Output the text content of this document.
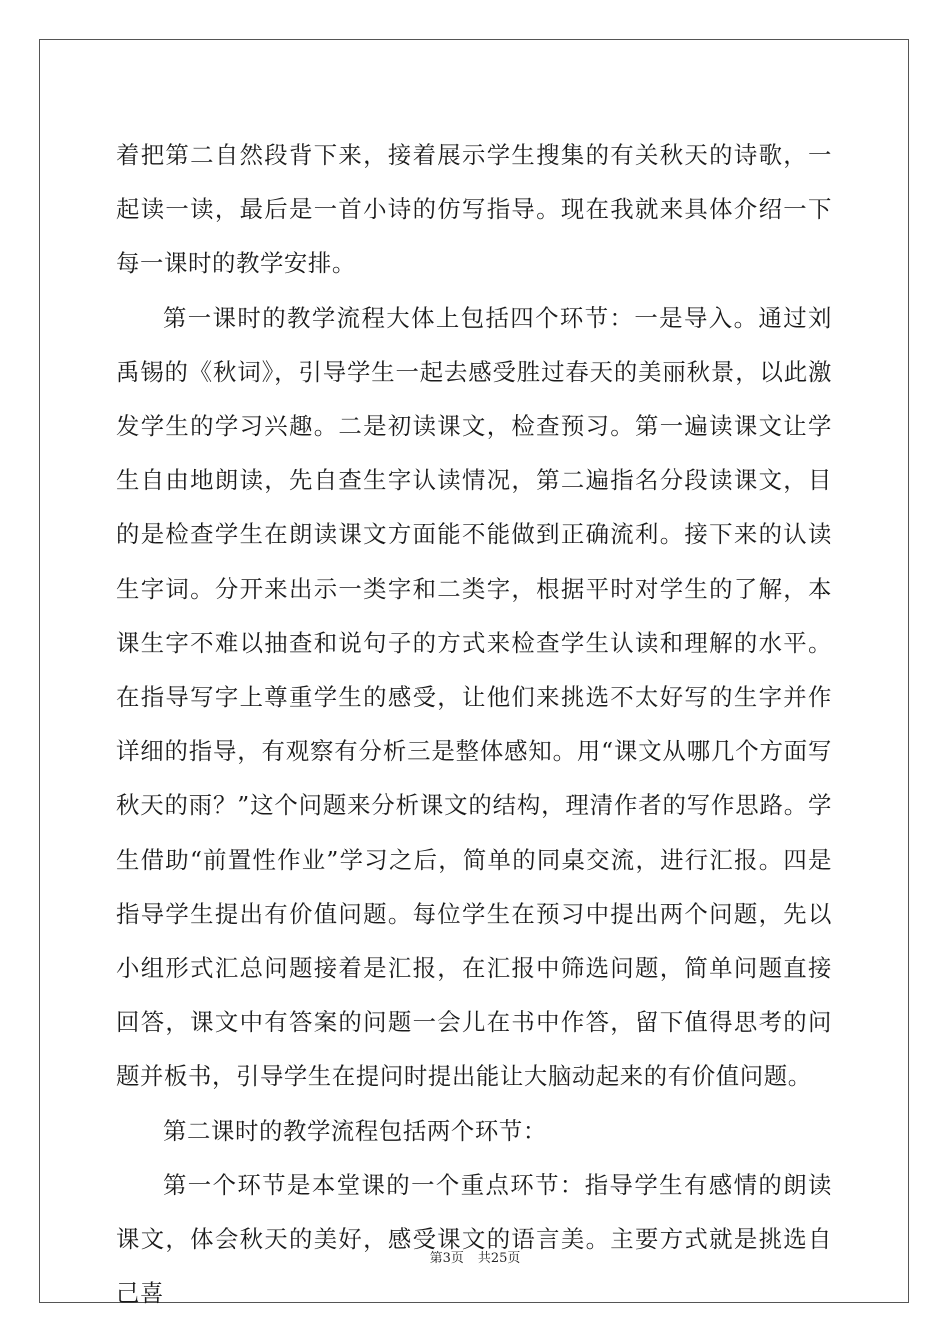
着把第二自然段背下来，接着展示学生搜集的有关秋天的诗歌，一起读一读，最后是一首小诗的仿写指导。现在我就来具体介绍一下每一课时的教学安排。

第一课时的教学流程大体上包括四个环节：一是导入。通过刘禹锡的《秋词》，引导学生一起去感受胜过春天的美丽秋景，以此激发学生的学习兴趣。二是初读课文，检查预习。第一遍读课文让学生自由地朗读，先自查生字认读情况，第二遍指名分段读课文，目的是检查学生在朗读课文方面能不能做到正确流利。接下来的认读生字词。分开来出示一类字和二类字，根据平时对学生的了解，本课生字不难以抽查和说句子的方式来检查学生认读和理解的水平。在指导写字上尊重学生的感受，让他们来挑选不太好写的生字并作详细的指导，有观察有分析三是整体感知。用“课文从哪几个方面写秋天的雨？”这个问题来分析课文的结构，理清作者的写作思路。学生借助“前置性作业”学习之后，简单的同桌交流，进行汇报。四是指导学生提出有价值问题。每位学生在预习中提出两个问题，先以小组形式汇总问题接着是汇报，在汇报中筛选问题，简单问题直接回答，课文中有答案的问题一会儿在书中作答，留下值得思考的问题并板书，引导学生在提问时提出能让大脑动起来的有价值问题。

第二课时的教学流程包括两个环节：

第一个环节是本堂课的一个重点环节：指导学生有感情的朗读课文，体会秋天的美好，感受课文的语言美。主要方式就是挑选自己喜

第3页 共25页
